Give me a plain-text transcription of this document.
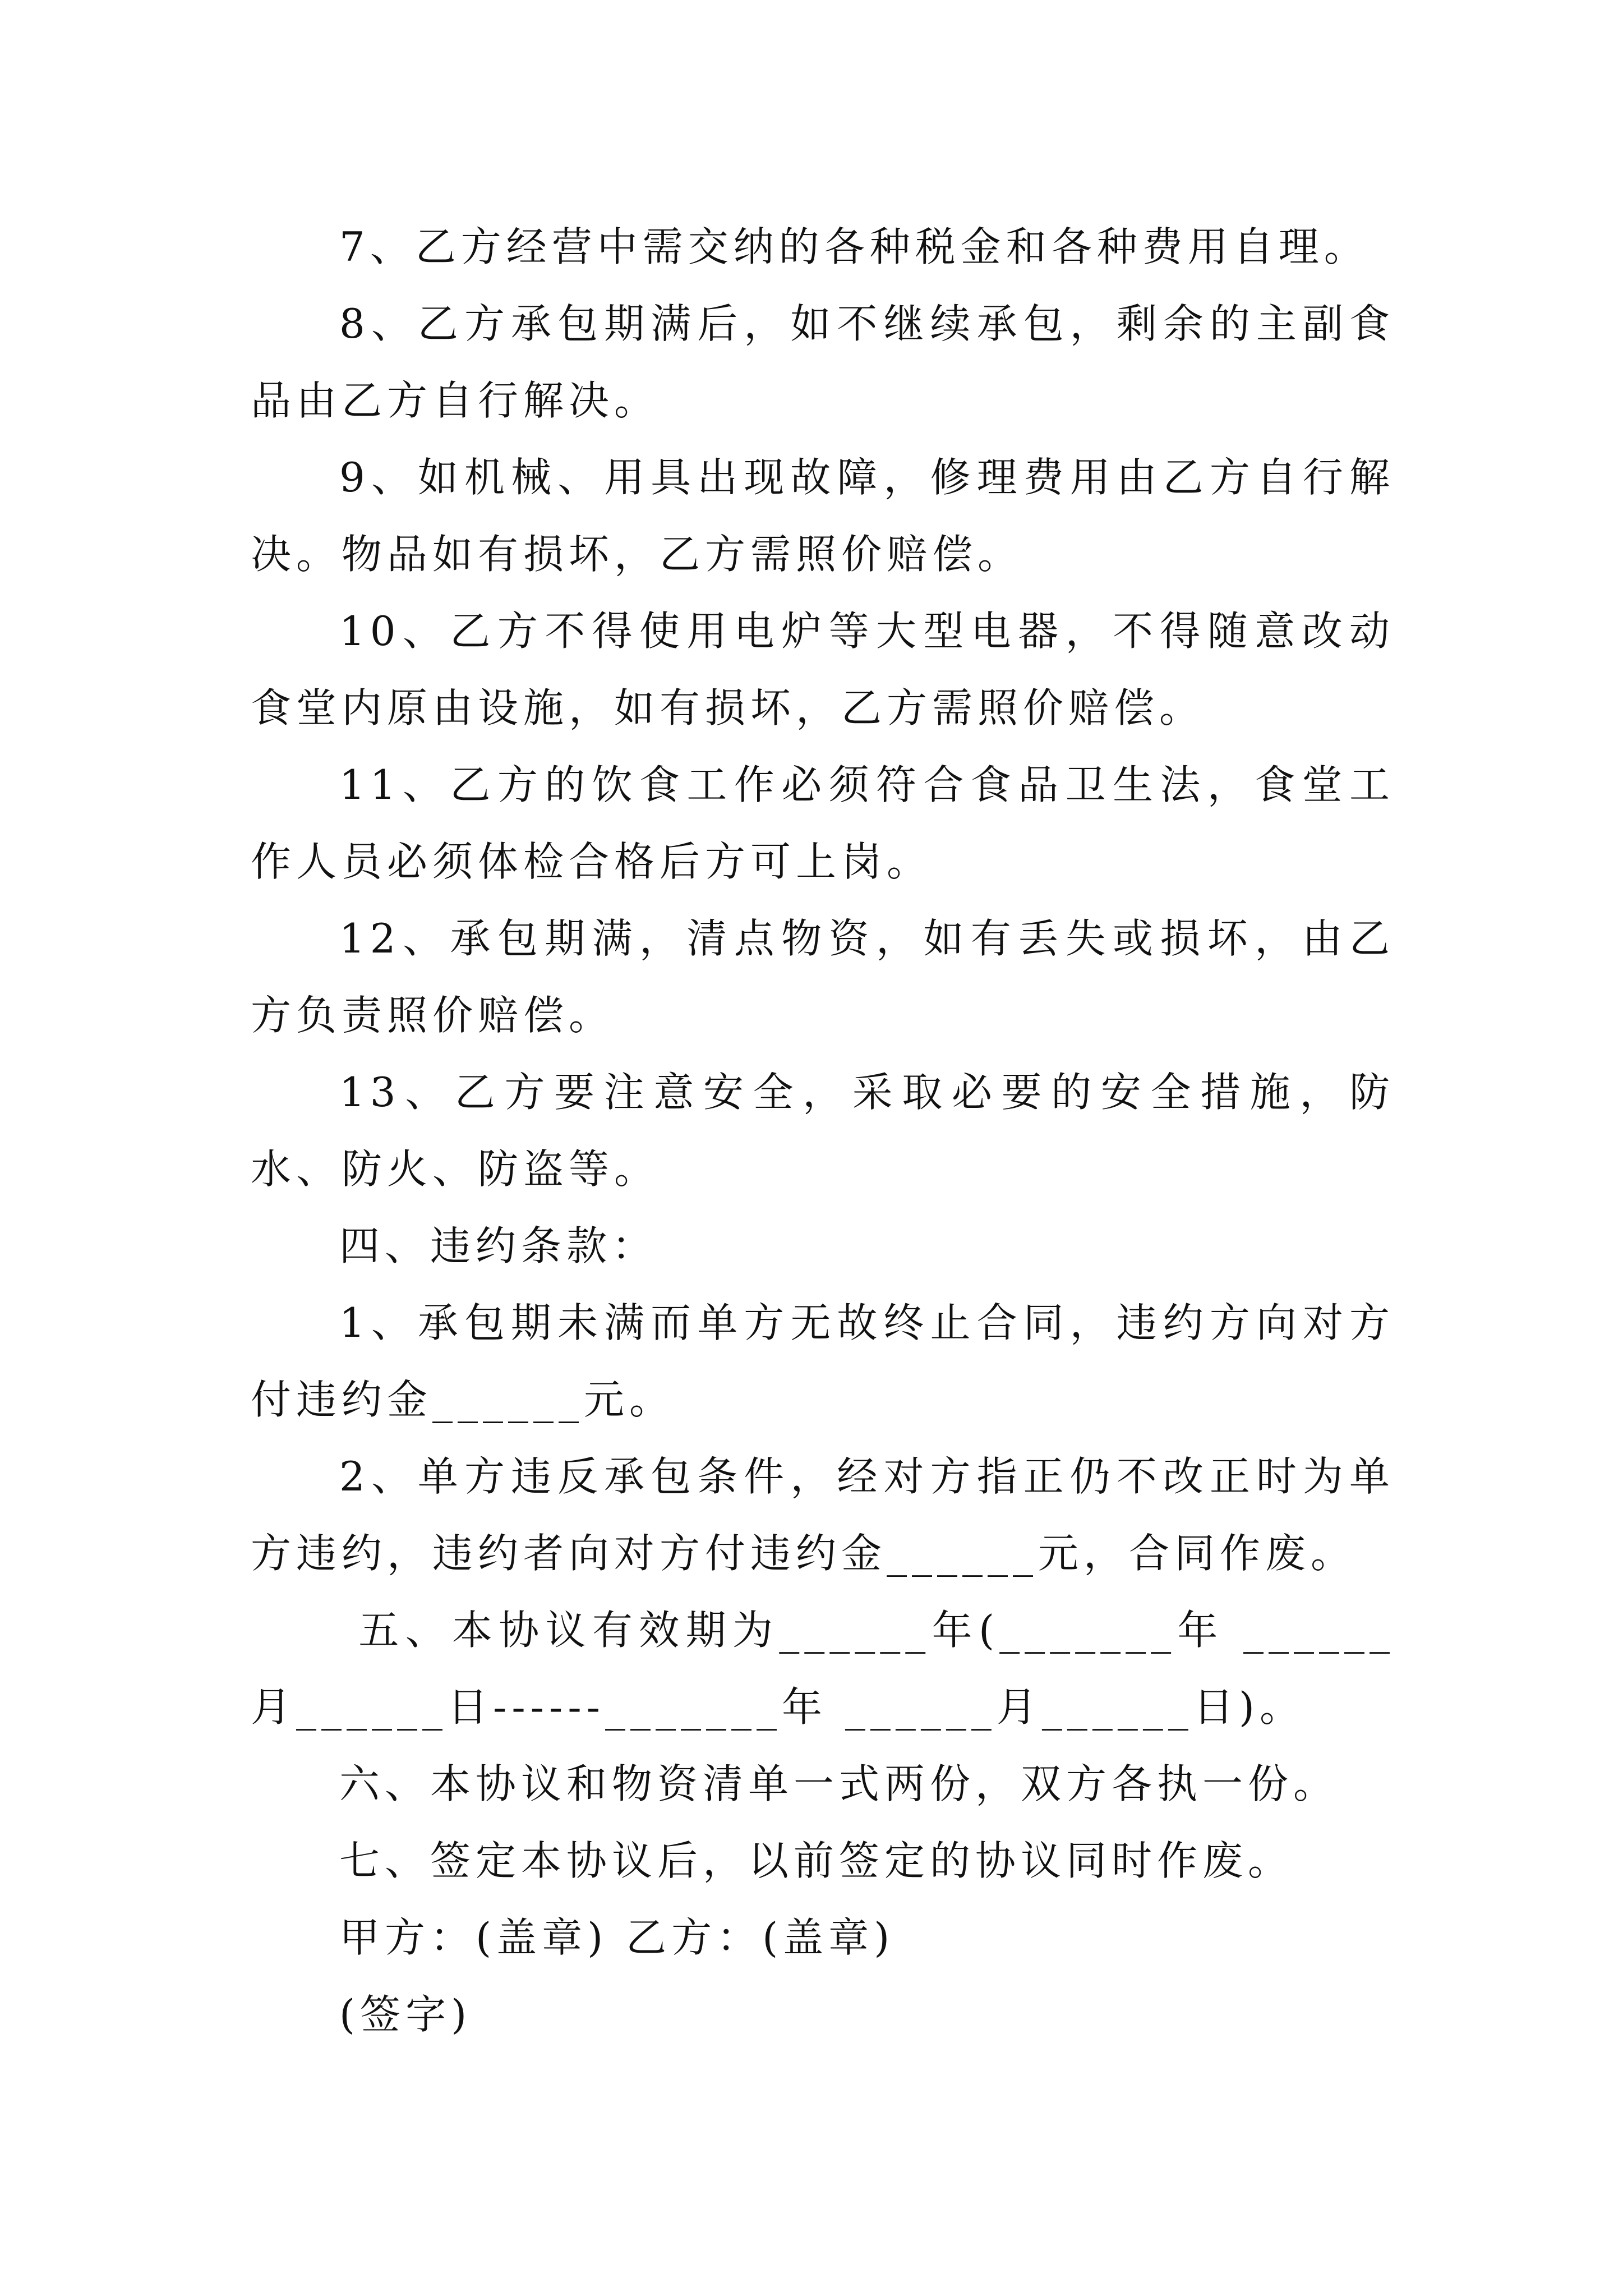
7、乙方经营中需交纳的各种税金和各种费用自理。

8、乙方承包期满后，如不继续承包，剩余的主副食品由乙方自行解决。

9、如机械、用具出现故障，修理费用由乙方自行解决。物品如有损坏，乙方需照价赔偿。

10、乙方不得使用电炉等大型电器，不得随意改动食堂内原由设施，如有损坏，乙方需照价赔偿。

11、乙方的饮食工作必须符合食品卫生法，食堂工作人员必须体检合格后方可上岗。

12、承包期满，清点物资，如有丢失或损坏，由乙方负责照价赔偿。

13、乙方要注意安全，采取必要的安全措施，防水、防火、防盗等。

四、违约条款：

1、承包期未满而单方无故终止合同，违约方向对方付违约金______元。

2、单方违反承包条件，经对方指正仍不改正时为单方违约，违约者向对方付违约金______元，合同作废。

五、本协议有效期为______年(_______年 ______月______日------_______年 ______月______日)。

六、本协议和物资清单一式两份，双方各执一份。

七、签定本协议后，以前签定的协议同时作废。

甲方：(盖章) 乙方：(盖章)

(签字)
